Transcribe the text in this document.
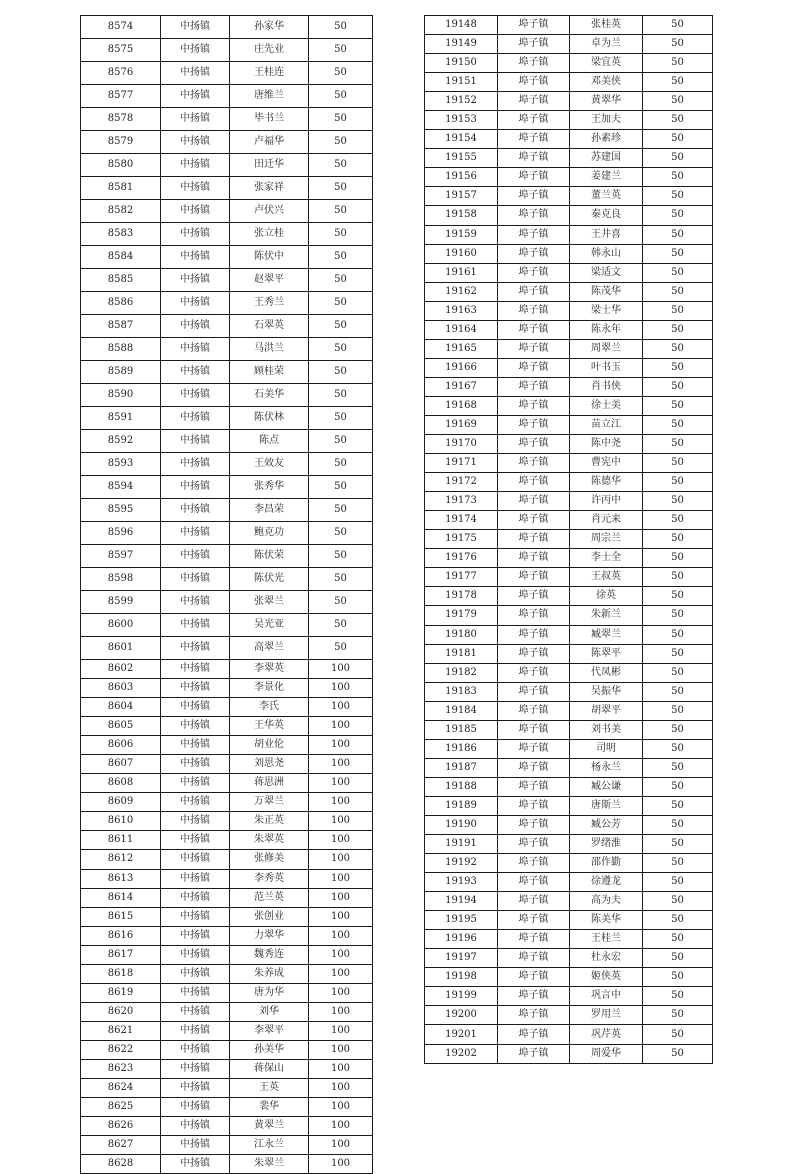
8574	中扬镇	孙家华	50
8575	中扬镇	庄先业	50
8576	中扬镇	王桂连	50
8577	中扬镇	唐维兰	50
8578	中扬镇	毕书兰	50
8579	中扬镇	卢福华	50
8580	中扬镇	田迁华	50
8581	中扬镇	张家祥	50
8582	中扬镇	卢伏兴	50
8583	中扬镇	张立桂	50
8584	中扬镇	陈伏中	50
8585	中扬镇	赵翠平	50
8586	中扬镇	王秀兰	50
8587	中扬镇	石翠英	50
8588	中扬镇	马洪兰	50
8589	中扬镇	顾桂荣	50
8590	中扬镇	石美华	50
8591	中扬镇	陈伏林	50
8592	中扬镇	陈点	50
8593	中扬镇	王效友	50
8594	中扬镇	张秀华	50
8595	中扬镇	李昌荣	50
8596	中扬镇	鲍克功	50
8597	中扬镇	陈伏荣	50
8598	中扬镇	陈伏光	50
8599	中扬镇	张翠兰	50
8600	中扬镇	吴光亚	50
8601	中扬镇	高翠兰	50
8602	中扬镇	李翠英	100
8603	中扬镇	李景化	100
8604	中扬镇	李氏	100
8605	中扬镇	王华英	100
8606	中扬镇	胡业伦	100
8607	中扬镇	刘思尧	100
8608	中扬镇	蒋思洲	100
8609	中扬镇	万翠兰	100
8610	中扬镇	朱正英	100
8611	中扬镇	朱翠英	100
8612	中扬镇	张修美	100
8613	中扬镇	李秀英	100
8614	中扬镇	范兰英	100
8615	中扬镇	张创业	100
8616	中扬镇	力翠华	100
8617	中扬镇	魏秀连	100
8618	中扬镇	朱养成	100
8619	中扬镇	唐为华	100
8620	中扬镇	刘华	100
8621	中扬镇	李翠平	100
8622	中扬镇	孙美华	100
8623	中扬镇	蒋保山	100
8624	中扬镇	王英	100
8625	中扬镇	裴华	100
8626	中扬镇	黄翠兰	100
8627	中扬镇	江永兰	100
8628	中扬镇	朱翠兰	100
19148	埠子镇	张桂英	50
19149	埠子镇	卓为兰	50
19150	埠子镇	梁宜英	50
19151	埠子镇	邓美侠	50
19152	埠子镇	黄翠华	50
19153	埠子镇	王加夫	50
19154	埠子镇	孙素珍	50
19155	埠子镇	苏建国	50
19156	埠子镇	姜建兰	50
19157	埠子镇	董兰英	50
19158	埠子镇	秦克良	50
19159	埠子镇	王井喜	50
19160	埠子镇	韩永山	50
19161	埠子镇	梁适文	50
19162	埠子镇	陈茂华	50
19163	埠子镇	梁士华	50
19164	埠子镇	陈永年	50
19165	埠子镇	周翠兰	50
19166	埠子镇	叶书玉	50
19167	埠子镇	肖书侠	50
19168	埠子镇	徐士美	50
19169	埠子镇	苗立江	50
19170	埠子镇	陈中尧	50
19171	埠子镇	曹宪中	50
19172	埠子镇	陈德华	50
19173	埠子镇	许丙中	50
19174	埠子镇	肖元来	50
19175	埠子镇	周宗兰	50
19176	埠子镇	李士全	50
19177	埠子镇	王叔英	50
19178	埠子镇	徐英	50
19179	埠子镇	朱新兰	50
19180	埠子镇	臧翠兰	50
19181	埠子镇	陈翠平	50
19182	埠子镇	代凤彬	50
19183	埠子镇	吴振华	50
19184	埠子镇	胡翠平	50
19185	埠子镇	刘书美	50
19186	埠子镇	司明	50
19187	埠子镇	杨永兰	50
19188	埠子镇	臧公谦	50
19189	埠子镇	唐斯兰	50
19190	埠子镇	臧公芳	50
19191	埠子镇	罗绪淮	50
19192	埠子镇	邵作勤	50
19193	埠子镇	徐遵龙	50
19194	埠子镇	高为夫	50
19195	埠子镇	陈美华	50
19196	埠子镇	王桂兰	50
19197	埠子镇	杜永宏	50
19198	埠子镇	姬侠英	50
19199	埠子镇	巩言中	50
19200	埠子镇	罗用兰	50
19201	埠子镇	巩芹英	50
19202	埠子镇	周爱华	50
